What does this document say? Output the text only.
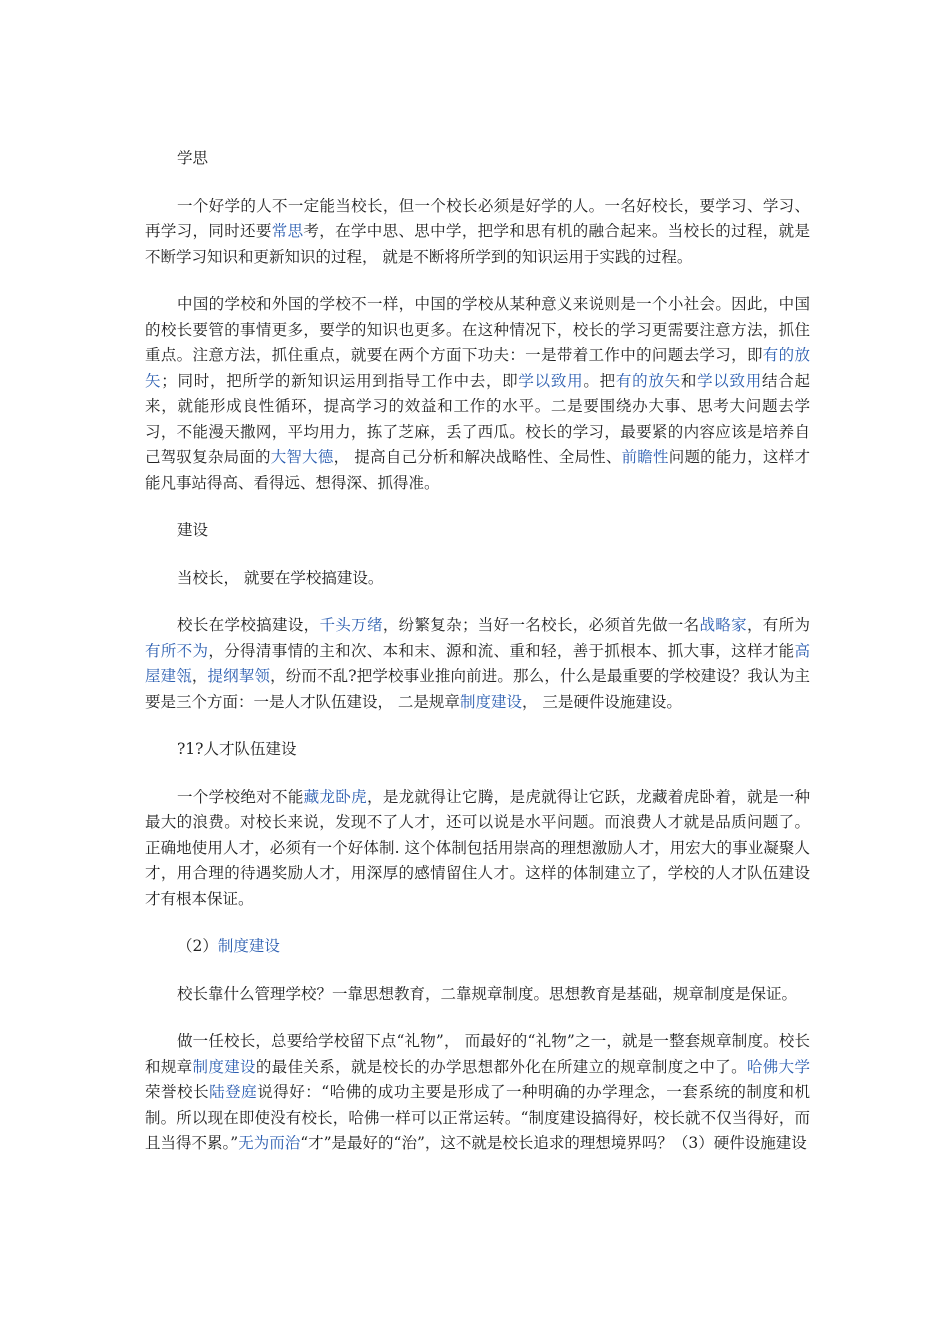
学思

一个好学的人不一定能当校长，但一个校长必须是好学的人。一名好校长，要学习、学习、再学习，同时还要常思考，在学中思、思中学，把学和思有机的融合起来。当校长的过程，就是不断学习知识和更新知识的过程， 就是不断将所学到的知识运用于实践的过程。

中国的学校和外国的学校不一样，中国的学校从某种意义来说则是一个小社会。因此，中国的校长要管的事情更多，要学的知识也更多。在这种情况下，校长的学习更需要注意方法，抓住重点。注意方法，抓住重点，就要在两个方面下功夫：一是带着工作中的问题去学习，即有的放矢；同时，把所学的新知识运用到指导工作中去，即学以致用。把有的放矢和学以致用结合起来，就能形成良性循环，提高学习的效益和工作的水平。二是要围绕办大事、思考大问题去学习，不能漫天撒网，平均用力，拣了芝麻，丢了西瓜。校长的学习，最要紧的内容应该是培养自己驾驭复杂局面的大智大德， 提高自己分析和解决战略性、全局性、前瞻性问题的能力，这样才能凡事站得高、看得远、想得深、抓得准。

建设
当校长， 就要在学校搞建设。

校长在学校搞建设，千头万绪，纷繁复杂；当好一名校长，必须首先做一名战略家，有所为有所不为，分得清事情的主和次、本和末、源和流、重和轻，善于抓根本、抓大事，这样才能高屋建瓴，提纲挈领，纷而不乱?把学校事业推向前进。那么，什么是最重要的学校建设？我认为主要是三个方面：一是人才队伍建设， 二是规章制度建设， 三是硬件设施建设。

?1?人才队伍建设

一个学校绝对不能藏龙卧虎，是龙就得让它腾，是虎就得让它跃，龙藏着虎卧着，就是一种最大的浪费。对校长来说，发现不了人才，还可以说是水平问题。而浪费人才就是品质问题了。正确地使用人才，必须有一个好体制. 这个体制包括用崇高的理想激励人才，用宏大的事业凝聚人才，用合理的待遇奖励人才，用深厚的感情留住人才。这样的体制建立了，学校的人才队伍建设才有根本保证。

（2）制度建设

校长靠什么管理学校？一靠思想教育，二靠规章制度。思想教育是基础，规章制度是保证。

做一任校长，总要给学校留下点“礼物”， 而最好的“礼物”之一，就是一整套规章制度。校长和规章制度建设的最佳关系，就是校长的办学思想都外化在所建立的规章制度之中了。哈佛大学荣誉校长陆登庭说得好：“哈佛的成功主要是形成了一种明确的办学理念，一套系统的制度和机制。所以现在即使没有校长，哈佛一样可以正常运转。“制度建设搞得好，校长就不仅当得好，而且当得不累。”无为而治“才”是最好的“治”，这不就是校长追求的理想境界吗？（3）硬件设施建设
